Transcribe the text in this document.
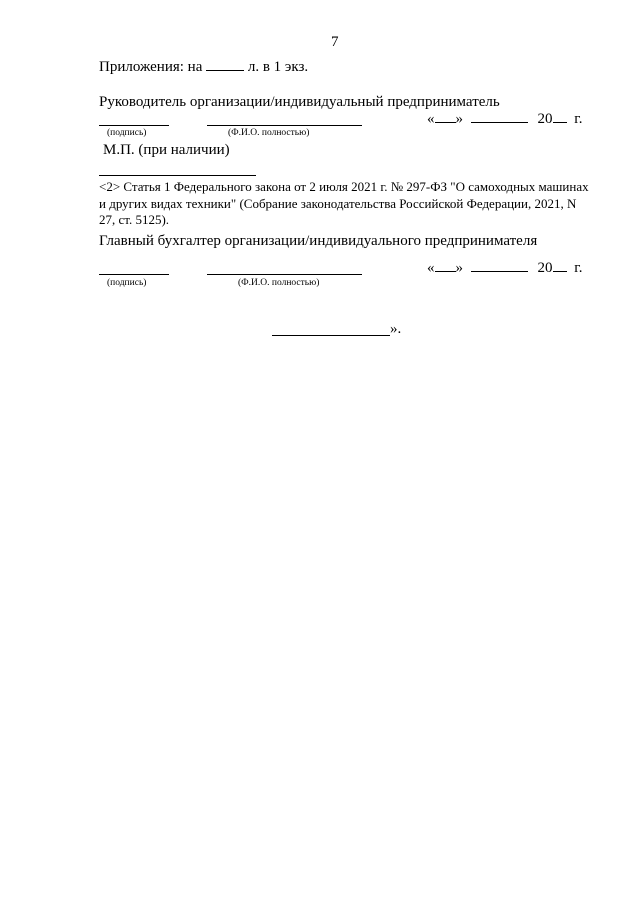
7
Приложения: на	л. в 1 экз.
Руководитель организации/индивидуальный предприниматель
« »	20 г.
(подпись)	(Ф.И.О. полностью)
М.П. (при наличии)
<2> Статья 1 Федерального закона от 2 июля 2021 г. № 297-ФЗ "О самоходных машинах
и других видах техники" (Собрание законодательства Российской Федерации, 2021, N
27, ст. 5125).
Главный бухгалтер организации/индивидуального предпринимателя
« »	20 г.
(подпись)	(Ф.И.О. полностью)
».
